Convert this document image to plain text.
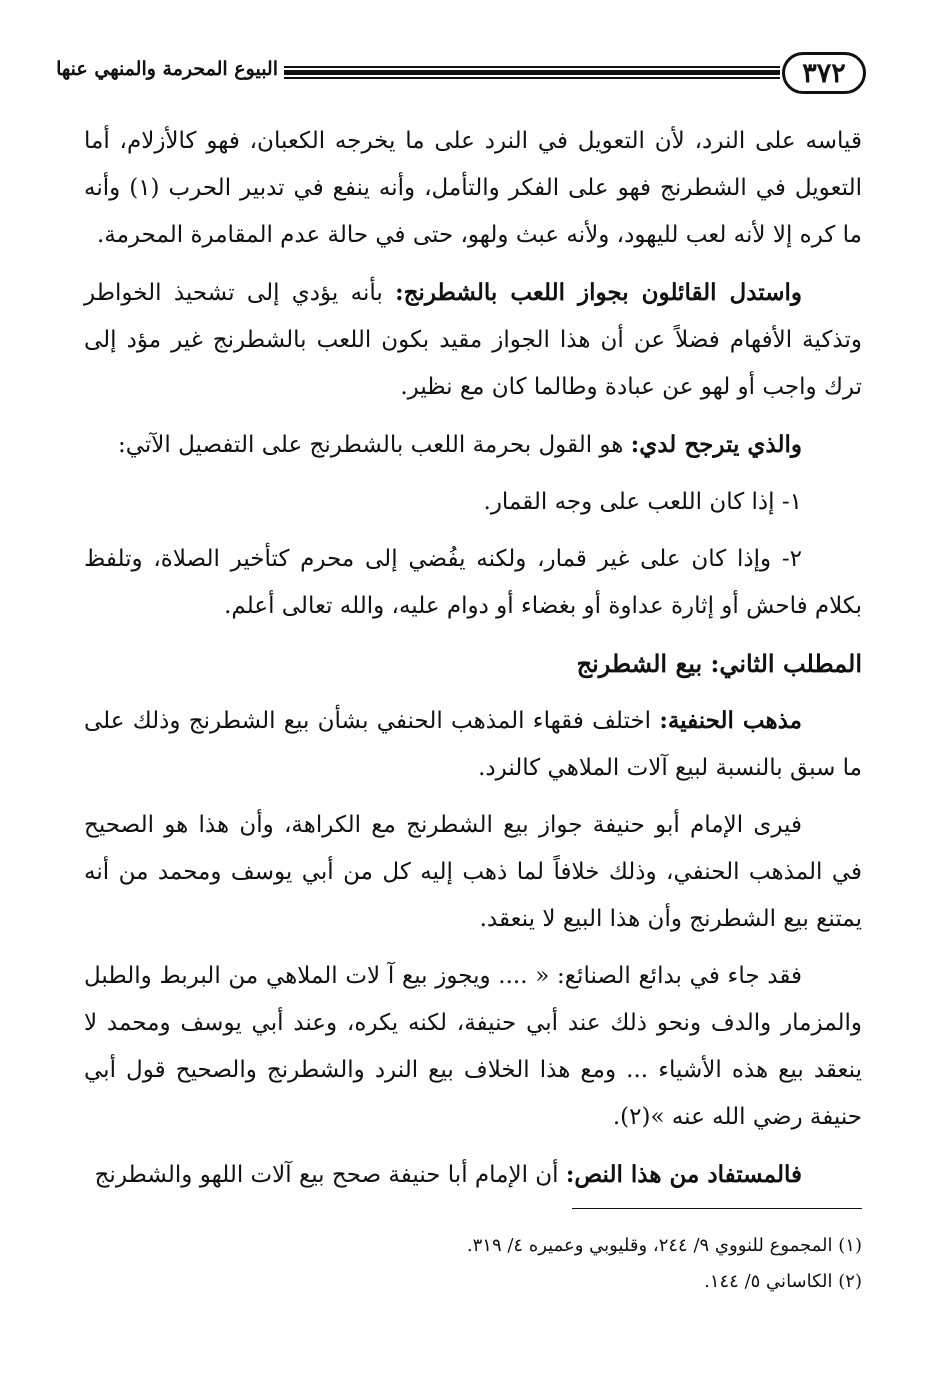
٣٧٢
البيوع المحرمة والمنهي عنها

قياسه على النرد، لأن التعويل في النرد على ما يخرجه الكعبان، فهو كالأزلام، أما التعويل في الشطرنج فهو على الفكر والتأمل، وأنه ينفع في تدبير الحرب (١) وأنه ما كره إلا لأنه لعب لليهود، ولأنه عبث ولهو، حتى في حالة عدم المقامرة المحرمة.

واستدل القائلون بجواز اللعب بالشطرنج: بأنه يؤدي إلى تشحيذ الخواطر وتذكية الأفهام فضلاً عن أن هذا الجواز مقيد بكون اللعب بالشطرنج غير مؤد إلى ترك واجب أو لهو عن عبادة وطالما كان مع نظير.

والذي يترجح لدي: هو القول بحرمة اللعب بالشطرنج على التفصيل الآتي:

١- إذا كان اللعب على وجه القمار.

٢- وإذا كان على غير قمار، ولكنه يفُضي إلى محرم كتأخير الصلاة، وتلفظ بكلام فاحش أو إثارة عداوة أو بغضاء أو دوام عليه، والله تعالى أعلم.

المطلب الثاني: بيع الشطرنج

مذهب الحنفية: اختلف فقهاء المذهب الحنفي بشأن بيع الشطرنج وذلك على ما سبق بالنسبة لبيع آلات الملاهي كالنرد.

فيرى الإمام أبو حنيفة جواز بيع الشطرنج مع الكراهة، وأن هذا هو الصحيح في المذهب الحنفي، وذلك خلافاً لما ذهب إليه كل من أبي يوسف ومحمد من أنه يمتنع بيع الشطرنج وأن هذا البيع لا ينعقد.

فقد جاء في بدائع الصنائع: « .... ويجوز بيع آ لات الملاهي من البربط والطبل والمزمار والدف ونحو ذلك عند أبي حنيفة، لكنه يكره، وعند أبي يوسف ومحمد لا ينعقد بيع هذه الأشياء ... ومع هذا الخلاف بيع النرد والشطرنج والصحيح قول أبي حنيفة رضي الله عنه »(٢).

فالمستفاد من هذا النص: أن الإمام أبا حنيفة صحح بيع آلات اللهو والشطرنج

(١) المجموع للنووي ٩/ ٢٤٤، وقليوبي وعميره ٤/ ٣١٩.

(٢) الكاساني ٥/ ١٤٤.
